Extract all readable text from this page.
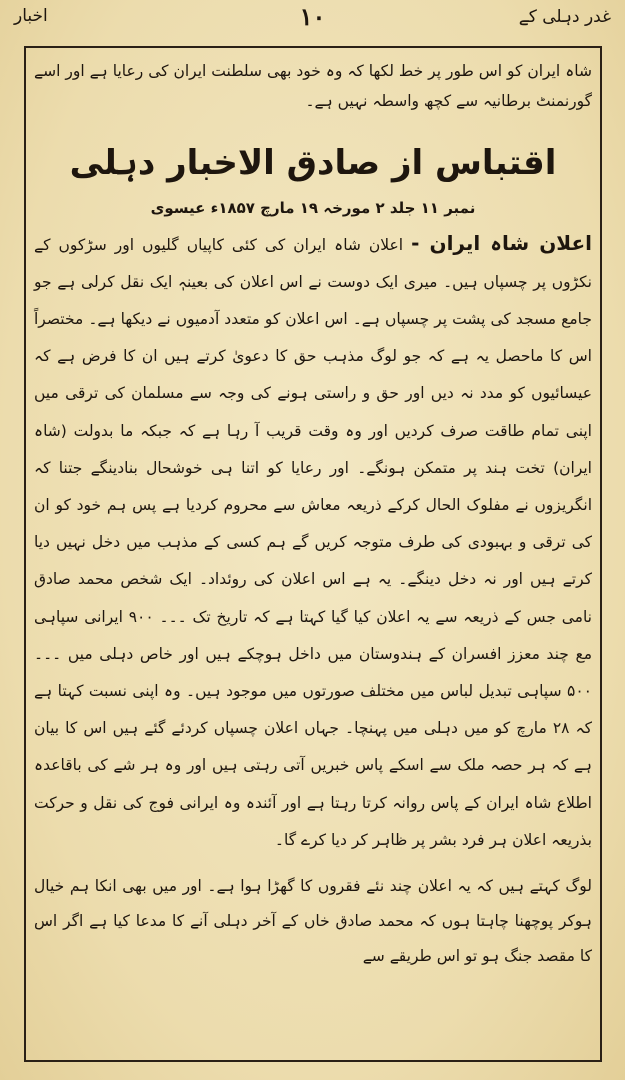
غدر دہلی کے
۱۰
اخبار

شاہ ایران کو اس طور پر خط لکھا کہ وہ خود بھی سلطنت ایران کی رعایا ہے اور اسے گورنمنٹ برطانیہ سے کچھ واسطہ نہیں ہے۔

اقتباس از صادق الاخبار دہلی
نمبر ۱۱ جلد ۲ مورخہ ۱۹ مارچ ۱۸۵۷ء عیسوی

اعلان شاہ ایران - اعلان شاہ ایران کی کئی کاپیاں گلیوں اور سڑکوں کے نکڑوں پر چسپاں ہیں۔ میری ایک دوست نے اس اعلان کی بعینہٖ ایک نقل کرلی ہے جو جامع مسجد کی پشت پر چسپاں ہے۔ اس اعلان کو متعدد آدمیوں نے دیکھا ہے۔ مختصراً اس کا ماحصل یہ ہے کہ جو لوگ مذہب حق کا دعویٰ کرتے ہیں ان کا فرض ہے کہ عیسائیوں کو مدد نہ دیں اور حق و راستی ہونے کی وجہ سے مسلمان کی ترقی میں اپنی تمام طاقت صرف کردیں اور وہ وقت قریب آ رہا ہے کہ جبکہ ما بدولت (شاہ ایران) تخت ہند پر متمکن ہونگے۔ اور رعایا کو اتنا ہی خوشحال بنادینگے جتنا کہ انگریزوں نے مفلوک الحال کرکے ذریعہ معاش سے محروم کردیا ہے پس ہم خود کو ان کی ترقی و بہبودی کی طرف متوجہ کریں گے ہم کسی کے مذہب میں دخل نہیں دیا کرتے ہیں اور نہ دخل دینگے۔ یہ ہے اس اعلان کی روئداد۔ ایک شخص محمد صادق نامی جس کے ذریعہ سے یہ اعلان کیا گیا کہتا ہے کہ تاریخ تک ۔۔۔ ۹۰۰ ایرانی سپاہی مع چند معزز افسران کے ہندوستان میں داخل ہوچکے ہیں اور خاص دہلی میں ۔۔۔ ۵۰۰ سپاہی تبدیل لباس میں مختلف صورتوں میں موجود ہیں۔ وہ اپنی نسبت کہتا ہے کہ ۲۸ مارچ کو میں دہلی میں پہنچا۔ جہاں اعلان چسپاں کردئے گئے ہیں اس کا بیان ہے کہ ہر حصہ ملک سے اسکے پاس خبریں آتی رہتی ہیں اور وہ ہر شے کی باقاعدہ اطلاع شاہ ایران کے پاس روانہ کرتا رہتا ہے اور آئندہ وہ ایرانی فوج کی نقل و حرکت بذریعہ اعلان ہر فرد بشر پر ظاہر کر دیا کرے گا۔

لوگ کہتے ہیں کہ یہ اعلان چند نئے فقروں کا گھڑا ہوا ہے۔ اور میں بھی انکا ہم خیال ہوکر پوچھنا چاہتا ہوں کہ محمد صادق خاں کے آخر دہلی آنے کا مدعا کیا ہے اگر اس کا مقصد جنگ ہو تو اس طریقے سے
